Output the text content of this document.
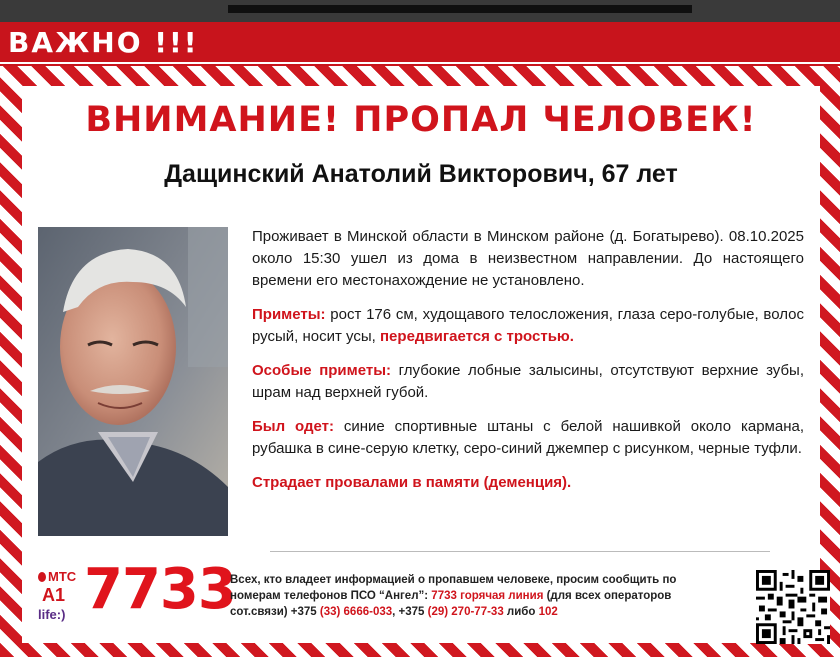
ВАЖНО !!!
ВНИМАНИЕ! ПРОПАЛ ЧЕЛОВЕК!
Дащинский Анатолий Викторович, 67 лет

Проживает в Минской области в Минском районе (д. Богатырево). 08.10.2025 около 15:30 ушел из дома в неизвестном направлении. До настоящего времени его местонахождение не установлено.

Приметы: рост 176 см, худощавого телосложения, глаза серо-голубые, волос русый, носит усы, передвигается с тростью.

Особые приметы: глубокие лобные залысины, отсутствуют верхние зубы, шрам над верхней губой.

Был одет: синие спортивные штаны с белой нашивкой около кармана, рубашка в сине-серую клетку, серо-синий джемпер с рисунком, черные туфли.

Страдает провалами в памяти (деменция).

МТС
A1
life:) 7733
Всех, кто владеет информацией о пропавшем человеке, просим сообщить по номерам телефонов ПСО “Ангел”: 7733 горячая линия (для всех операторов сот.связи) +375 (33) 6666-033, +375 (29) 270-77-33 либо 102
